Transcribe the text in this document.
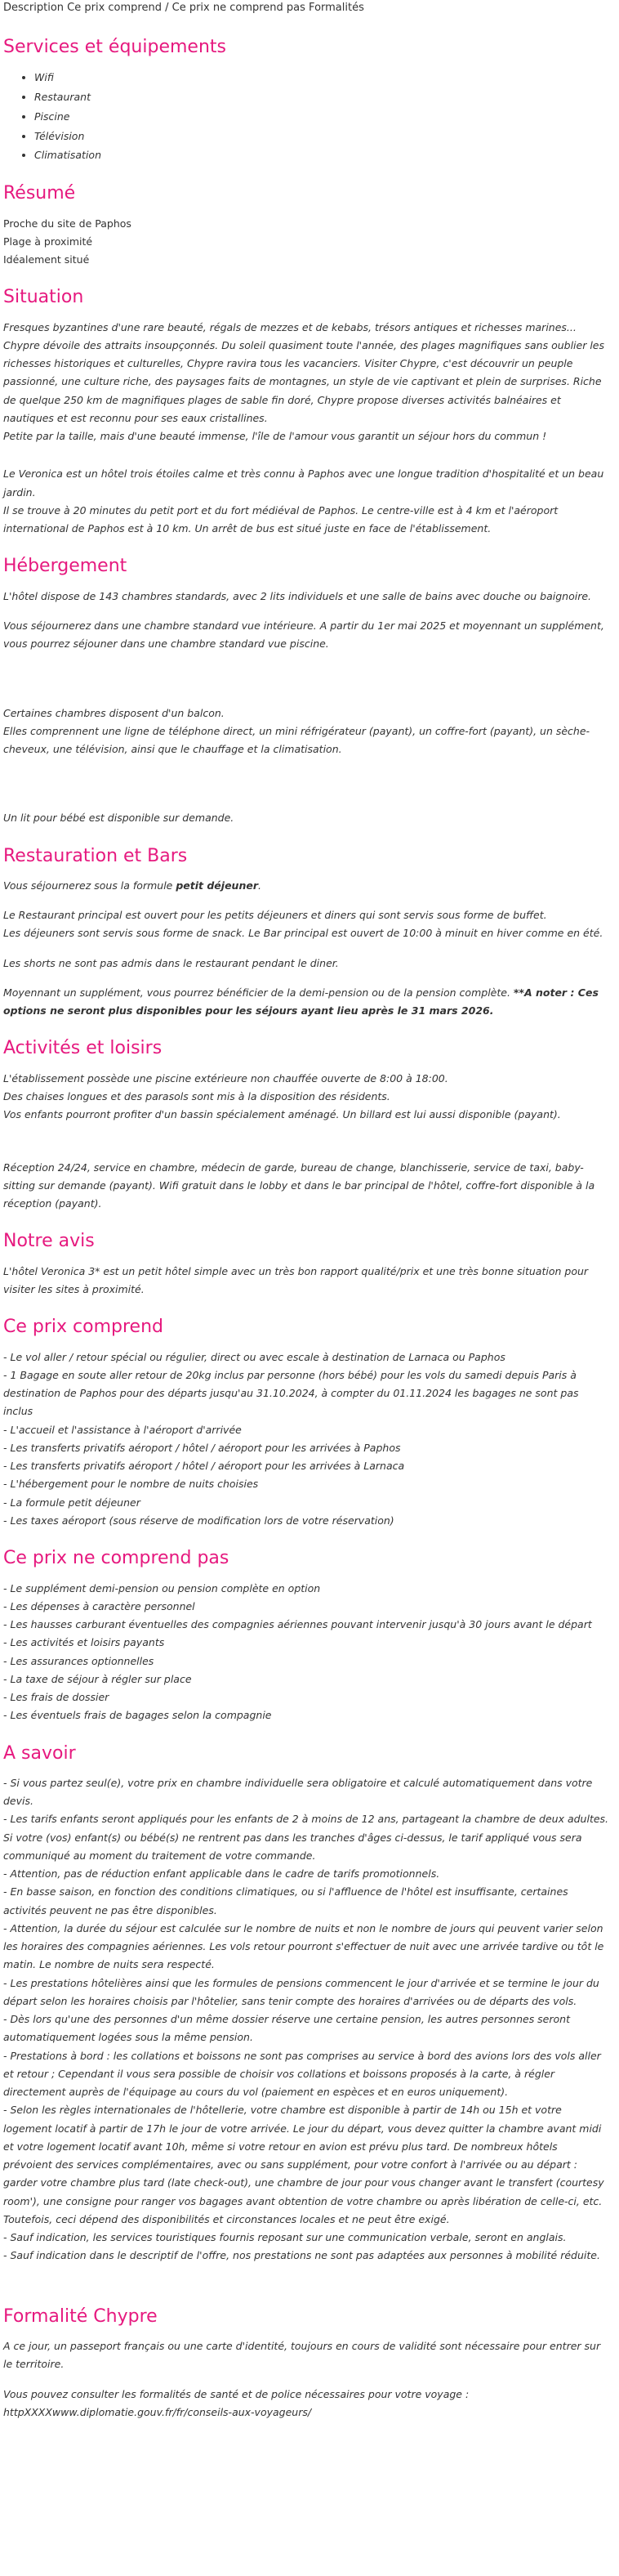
Description Ce prix comprend / Ce prix ne comprend pas Formalités
Services et équipements
• Wifi
• Restaurant
• Piscine
• Télévision
• Climatisation
Résumé
Proche du site de Paphos
Plage à proximité
Idéalement situé
Situation

Fresques byzantines d'une rare beauté, régals de mezzes et de kebabs, trésors antiques et richesses marines... Chypre dévoile des attraits insoupçonnés. Du soleil quasiment toute l'année, des plages magnifiques sans oublier les richesses historiques et culturelles, Chypre ravira tous les vacanciers. Visiter Chypre, c'est découvrir un peuple passionné, une culture riche, des paysages faits de montagnes, un style de vie captivant et plein de surprises. Riche de quelque 250 km de magnifiques plages de sable fin doré, Chypre propose diverses activités balnéaires et nautiques et est reconnu pour ses eaux cristallines.
Petite par la taille, mais d'une beauté immense, l'île de l'amour vous garantit un séjour hors du commun !

Le Veronica est un hôtel trois étoiles calme et très connu à Paphos avec une longue tradition d'hospitalité et un beau jardin.
Il se trouve à 20 minutes du petit port et du fort médiéval de Paphos. Le centre-ville est à 4 km et l'aéroport international de Paphos est à 10 km. Un arrêt de bus est situé juste en face de l'établissement.

Hébergement

L'hôtel dispose de 143 chambres standards, avec 2 lits individuels et une salle de bains avec douche ou baignoire.

Vous séjournerez dans une chambre standard vue intérieure. A partir du 1er mai 2025 et moyennant un supplément, vous pourrez séjouner dans une chambre standard vue piscine.

Certaines chambres disposent d'un balcon.
Elles comprennent une ligne de téléphone direct, un mini réfrigérateur (payant), un coffre-fort (payant), un sèche-cheveux, une télévision, ainsi que le chauffage et la climatisation.

Un lit pour bébé est disponible sur demande.

Restauration et Bars

Vous séjournerez sous la formule petit déjeuner.

Le Restaurant principal est ouvert pour les petits déjeuners et diners qui sont servis sous forme de buffet.
Les déjeuners sont servis sous forme de snack. Le Bar principal est ouvert de 10:00 à minuit en hiver comme en été.

Les shorts ne sont pas admis dans le restaurant pendant le diner.

Moyennant un supplément, vous pourrez bénéficier de la demi-pension ou de la pension complète. **A noter : Ces options ne seront plus disponibles pour les séjours ayant lieu après le 31 mars 2026.

Activités et loisirs

L'établissement possède une piscine extérieure non chauffée ouverte de 8:00 à 18:00.
Des chaises longues et des parasols sont mis à la disposition des résidents.
Vos enfants pourront profiter d'un bassin spécialement aménagé. Un billard est lui aussi disponible (payant).

Réception 24/24, service en chambre, médecin de garde, bureau de change, blanchisserie, service de taxi, baby-sitting sur demande (payant). Wifi gratuit dans le lobby et dans le bar principal de l'hôtel, coffre-fort disponible à la réception (payant).

Notre avis

L'hôtel Veronica 3* est un petit hôtel simple avec un très bon rapport qualité/prix et une très bonne situation pour visiter les sites à proximité.

Ce prix comprend
- Le vol aller / retour spécial ou régulier, direct ou avec escale à destination de Larnaca ou Paphos
- 1 Bagage en soute aller retour de 20kg inclus par personne (hors bébé) pour les vols du samedi depuis Paris à destination de Paphos pour des départs jusqu'au 31.10.2024, à compter du 01.11.2024 les bagages ne sont pas inclus
- L'accueil et l'assistance à l'aéroport d'arrivée
- Les transferts privatifs aéroport / hôtel / aéroport pour les arrivées à Paphos
- Les transferts privatifs aéroport / hôtel / aéroport pour les arrivées à Larnaca
- L'hébergement pour le nombre de nuits choisies
- La formule petit déjeuner
- Les taxes aéroport (sous réserve de modification lors de votre réservation)
Ce prix ne comprend pas
- Le supplément demi-pension ou pension complète en option
- Les dépenses à caractère personnel
- Les hausses carburant éventuelles des compagnies aériennes pouvant intervenir jusqu'à 30 jours avant le départ
- Les activités et loisirs payants
- Les assurances optionnelles
- La taxe de séjour à régler sur place
- Les frais de dossier
- Les éventuels frais de bagages selon la compagnie
A savoir
- Si vous partez seul(e), votre prix en chambre individuelle sera obligatoire et calculé automatiquement dans votre devis.
- Les tarifs enfants seront appliqués pour les enfants de 2 à moins de 12 ans, partageant la chambre de deux adultes. Si votre (vos) enfant(s) ou bébé(s) ne rentrent pas dans les tranches d'âges ci-dessus, le tarif appliqué vous sera communiqué au moment du traitement de votre commande.
- Attention, pas de réduction enfant applicable dans le cadre de tarifs promotionnels.
- En basse saison, en fonction des conditions climatiques, ou si l'affluence de l'hôtel est insuffisante, certaines activités peuvent ne pas être disponibles.
- Attention, la durée du séjour est calculée sur le nombre de nuits et non le nombre de jours qui peuvent varier selon les horaires des compagnies aériennes. Les vols retour pourront s'effectuer de nuit avec une arrivée tardive ou tôt le matin. Le nombre de nuits sera respecté.
- Les prestations hôtelières ainsi que les formules de pensions commencent le jour d'arrivée et se termine le jour du départ selon les horaires choisis par l'hôtelier, sans tenir compte des horaires d'arrivées ou de départs des vols.
- Dès lors qu'une des personnes d'un même dossier réserve une certaine pension, les autres personnes seront automatiquement logées sous la même pension.
- Prestations à bord : les collations et boissons ne sont pas comprises au service à bord des avions lors des vols aller et retour ; Cependant il vous sera possible de choisir vos collations et boissons proposés à la carte, à régler directement auprès de l'équipage au cours du vol (paiement en espèces et en euros uniquement).
- Selon les règles internationales de l'hôtellerie, votre chambre est disponible à partir de 14h ou 15h et votre logement locatif à partir de 17h le jour de votre arrivée. Le jour du départ, vous devez quitter la chambre avant midi et votre logement locatif avant 10h, même si votre retour en avion est prévu plus tard. De nombreux hôtels prévoient des services complémentaires, avec ou sans supplément, pour votre confort à l'arrivée ou au départ : garder votre chambre plus tard (late check-out), une chambre de jour pour vous changer avant le transfert (courtesy room'), une consigne pour ranger vos bagages avant obtention de votre chambre ou après libération de celle-ci, etc. Toutefois, ceci dépend des disponibilités et circonstances locales et ne peut être exigé.
- Sauf indication, les services touristiques fournis reposant sur une communication verbale, seront en anglais.
- Sauf indication dans le descriptif de l'offre, nos prestations ne sont pas adaptées aux personnes à mobilité réduite.
Formalité Chypre

A ce jour, un passeport français ou une carte d'identité, toujours en cours de validité sont nécessaire pour entrer sur le territoire.

Vous pouvez consulter les formalités de santé et de police nécessaires pour votre voyage :
httpXXXXwww.diplomatie.gouv.fr/fr/conseils-aux-voyageurs/
